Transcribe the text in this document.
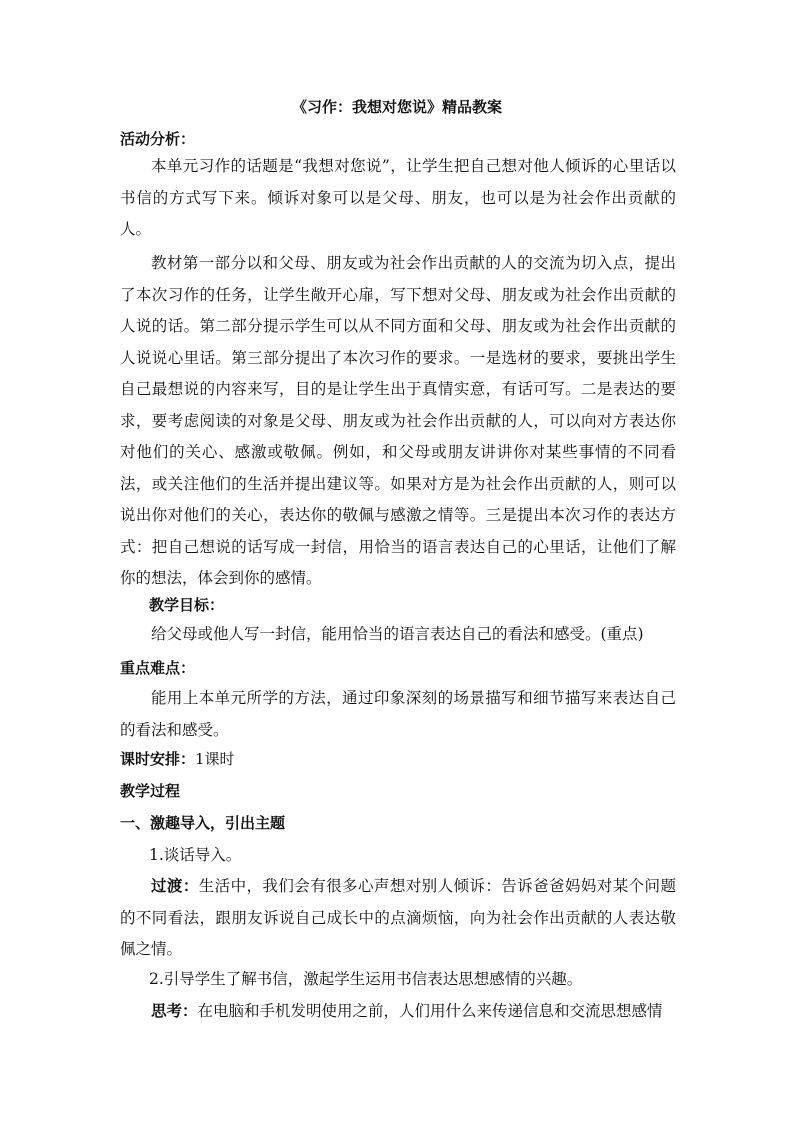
《习作：我想对您说》精品教案
活动分析：
本单元习作的话题是“我想对您说”，让学生把自己想对他人倾诉的心里话以书信的方式写下来。倾诉对象可以是父母、朋友，也可以是为社会作出贡献的人。
教材第一部分以和父母、朋友或为社会作出贡献的人的交流为切入点，提出了本次习作的任务，让学生敞开心扉，写下想对父母、朋友或为社会作出贡献的人说的话。第二部分提示学生可以从不同方面和父母、朋友或为社会作出贡献的人说说心里话。第三部分提出了本次习作的要求。一是选材的要求，要挑出学生自己最想说的内容来写，目的是让学生出于真情实意，有话可写。二是表达的要求，要考虑阅读的对象是父母、朋友或为社会作出贡献的人，可以向对方表达你对他们的关心、感激或敬佩。例如，和父母或朋友讲讲你对某些事情的不同看法，或关注他们的生活并提出建议等。如果对方是为社会作出贡献的人，则可以说出你对他们的关心，表达你的敬佩与感激之情等。三是提出本次习作的表达方式：把自己想说的话写成一封信，用恰当的语言表达自己的心里话，让他们了解你的想法，体会到你的感情。
教学目标：
给父母或他人写一封信，能用恰当的语言表达自己的看法和感受。(重点)
重点难点：
能用上本单元所学的方法，通过印象深刻的场景描写和细节描写来表达自己的看法和感受。
课时安排：1课时
教学过程
一、激趣导入，引出主题
1.谈话导入。
过渡：生活中，我们会有很多心声想对别人倾诉：告诉爸爸妈妈对某个问题的不同看法，跟朋友诉说自己成长中的点滴烦恼，向为社会作出贡献的人表达敬佩之情。
2.引导学生了解书信，激起学生运用书信表达思想感情的兴趣。
思考：在电脑和手机发明使用之前，人们用什么来传递信息和交流思想感情
